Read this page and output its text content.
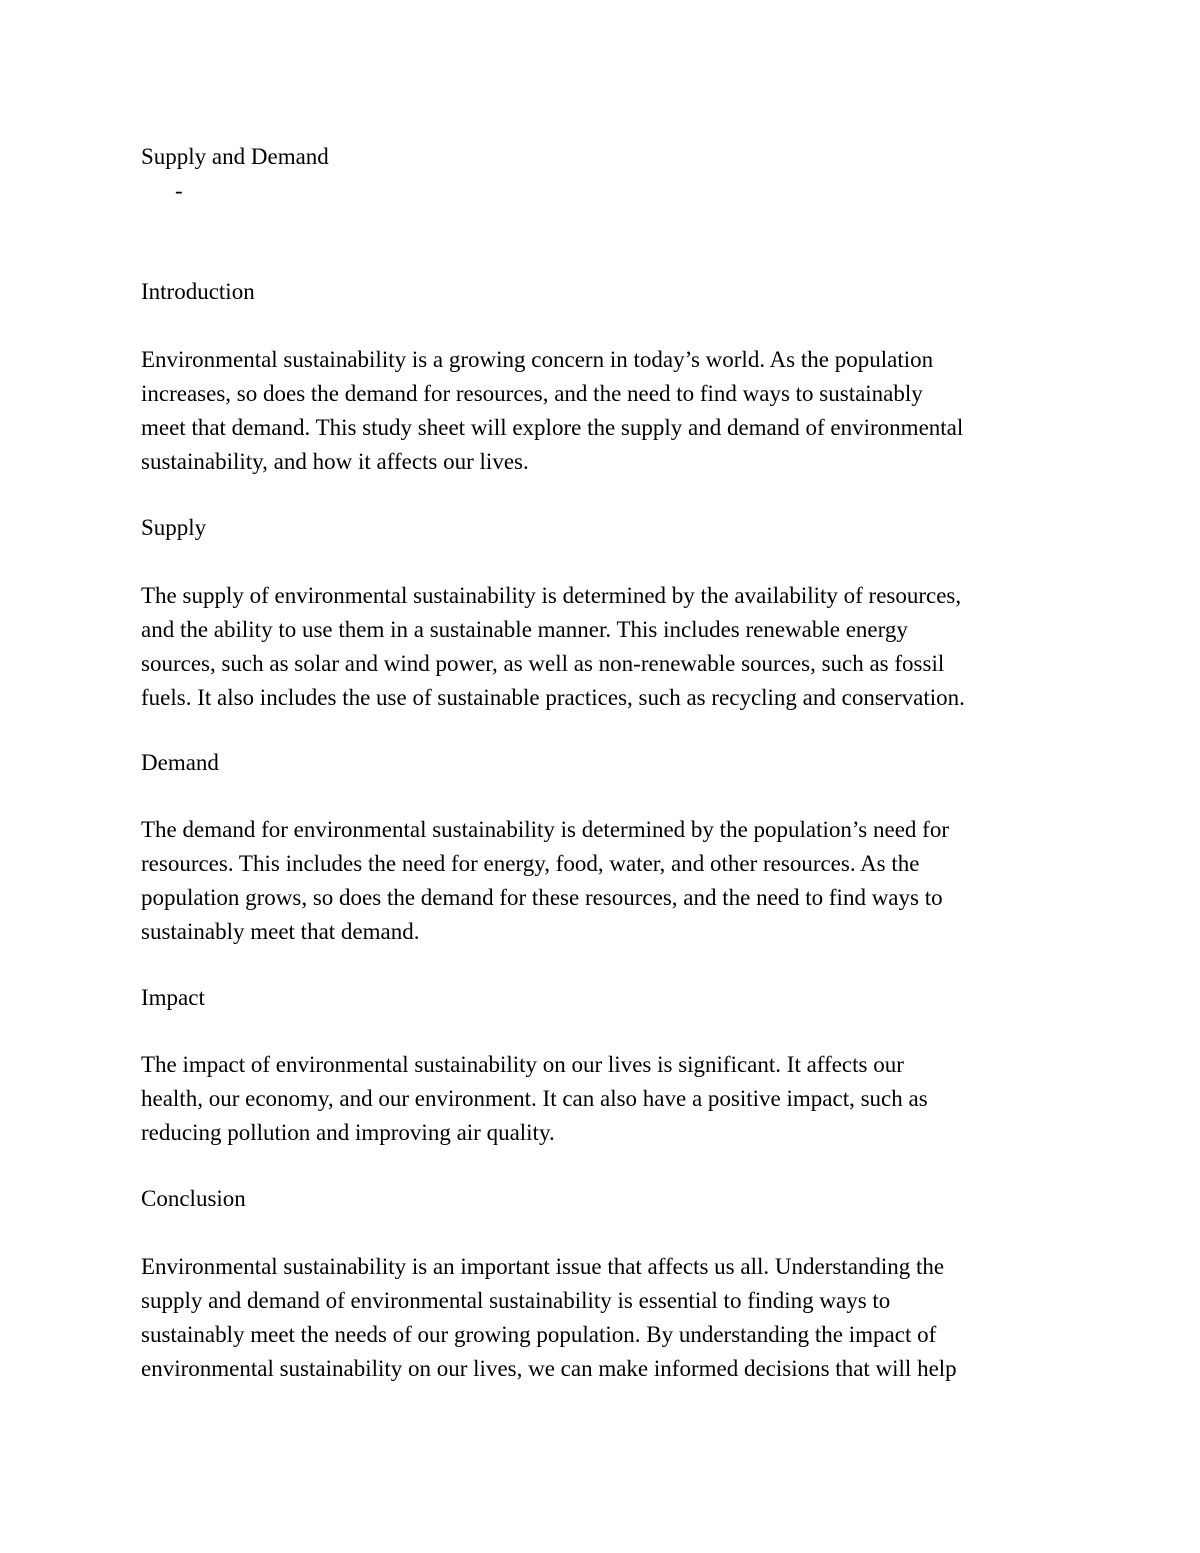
Supply and Demand
-
Introduction

Environmental sustainability is a growing concern in today’s world. As the population
increases, so does the demand for resources, and the need to find ways to sustainably
meet that demand. This study sheet will explore the supply and demand of environmental
sustainability, and how it affects our lives.

Supply

The supply of environmental sustainability is determined by the availability of resources,
and the ability to use them in a sustainable manner. This includes renewable energy
sources, such as solar and wind power, as well as non-renewable sources, such as fossil
fuels. It also includes the use of sustainable practices, such as recycling and conservation.

Demand

The demand for environmental sustainability is determined by the population’s need for
resources. This includes the need for energy, food, water, and other resources. As the
population grows, so does the demand for these resources, and the need to find ways to
sustainably meet that demand.

Impact

The impact of environmental sustainability on our lives is significant. It affects our
health, our economy, and our environment. It can also have a positive impact, such as
reducing pollution and improving air quality.

Conclusion

Environmental sustainability is an important issue that affects us all. Understanding the
supply and demand of environmental sustainability is essential to finding ways to
sustainably meet the needs of our growing population. By understanding the impact of
environmental sustainability on our lives, we can make informed decisions that will help
